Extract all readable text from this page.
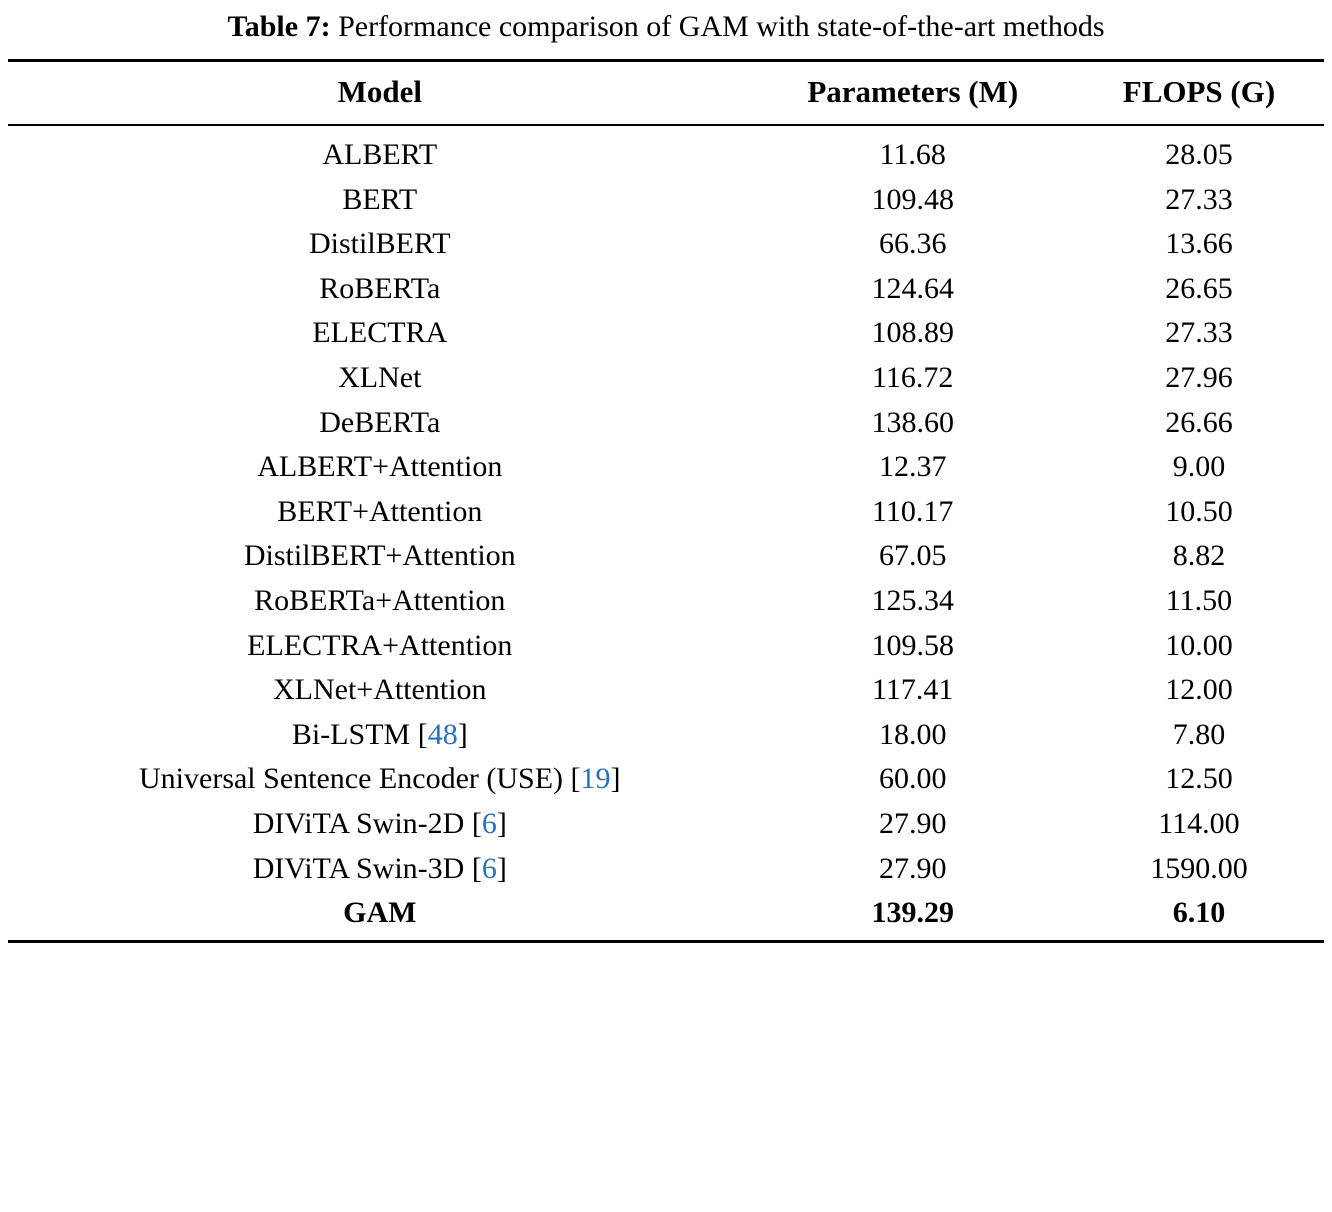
Table 7: Performance comparison of GAM with state-of-the-art methods
Model	Parameters (M)	FLOPS (G)
ALBERT	11.68	28.05
BERT	109.48	27.33
DistilBERT	66.36	13.66
RoBERTa	124.64	26.65
ELECTRA	108.89	27.33
XLNet	116.72	27.96
DeBERTa	138.60	26.66
ALBERT+Attention	12.37	9.00
BERT+Attention	110.17	10.50
DistilBERT+Attention	67.05	8.82
RoBERTa+Attention	125.34	11.50
ELECTRA+Attention	109.58	10.00
XLNet+Attention	117.41	12.00
Bi-LSTM [48]	18.00	7.80
Universal Sentence Encoder (USE) [19]	60.00	12.50
DIViTA Swin-2D [6]	27.90	114.00
DIViTA Swin-3D [6]	27.90	1590.00
GAM	139.29	6.10
